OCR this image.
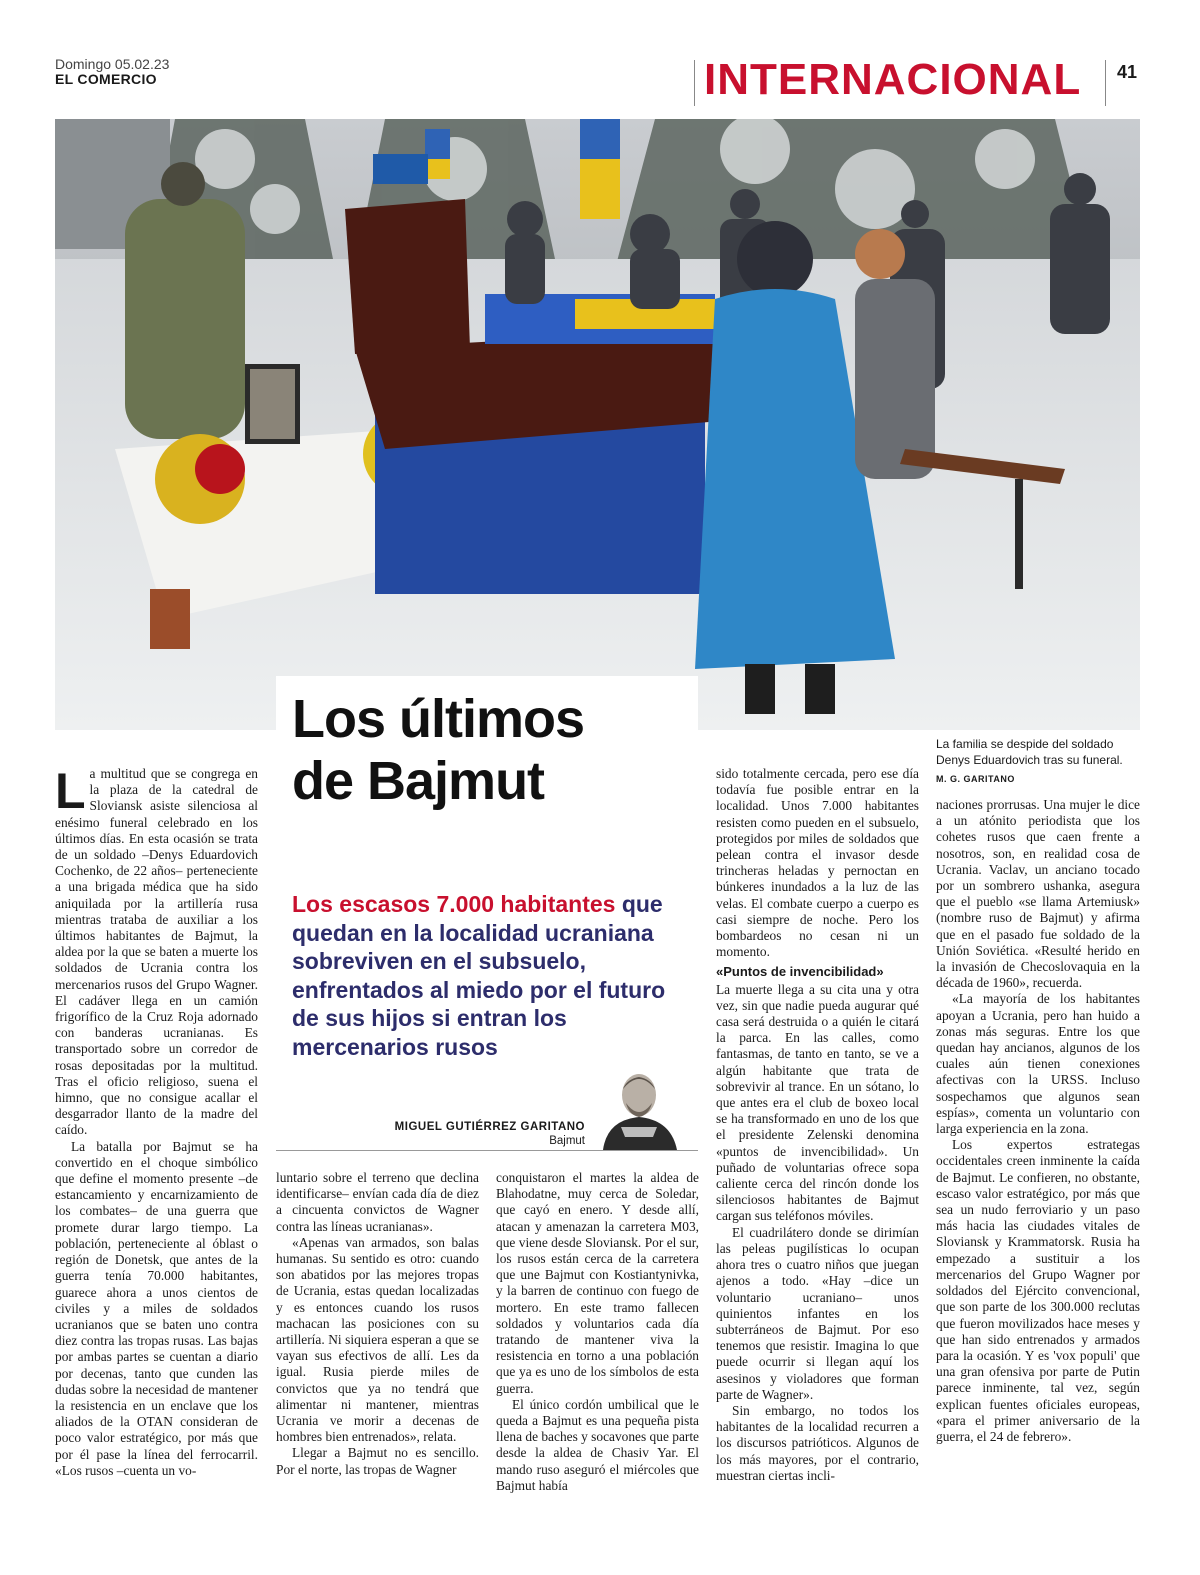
Domingo 05.02.23
EL COMERCIO	INTERNACIONAL 41
Los últimos
de Bajmut
Los escasos 7.000 habitantes que quedan en la localidad ucraniana sobreviven en el subsuelo, enfrentados al miedo por el futuro de sus hijos si entran los mercenarios rusos
MIGUEL GUTIÉRREZ GARITANO
Bajmut
La familia se despide del soldado Denys Eduardovich tras su funeral.
M. G. GARITANO

La multitud que se congrega en la plaza de la catedral de Sloviansk asiste silenciosa al enésimo funeral celebrado en los últimos días. En esta ocasión se trata de un soldado –Denys Eduardovich Cochenko, de 22 años– perteneciente a una brigada médica que ha sido aniquilada por la artillería rusa mientras trataba de auxiliar a los últimos habitantes de Bajmut, la aldea por la que se baten a muerte los soldados de Ucrania contra los mercenarios rusos del Grupo Wagner. El cadáver llega en un camión frigorífico de la Cruz Roja adornado con banderas ucranianas. Es transportado sobre un corredor de rosas depositadas por la multitud. Tras el oficio religioso, suena el himno, que no consigue acallar el desgarrador llanto de la madre del caído.

La batalla por Bajmut se ha convertido en el choque simbólico que define el momento presente –de estancamiento y encarnizamiento de los combates– de una guerra que promete durar largo tiempo. La población, perteneciente al óblast o región de Donetsk, que antes de la guerra tenía 70.000 habitantes, guarece ahora a unos cientos de civiles y a miles de soldados ucranianos que se baten uno contra diez contra las tropas rusas. Las bajas por ambas partes se cuentan a diario por decenas, tanto que cunden las dudas sobre la necesidad de mantener la resistencia en un enclave que los aliados de la OTAN consideran de poco valor estratégico, por más que por él pase la línea del ferrocarril. «Los rusos –cuenta un vo-

luntario sobre el terreno que declina identificarse– envían cada día de diez a cincuenta convictos de Wagner contra las líneas ucranianas».

«Apenas van armados, son balas humanas. Su sentido es otro: cuando son abatidos por las mejores tropas de Ucrania, estas quedan localizadas y es entonces cuando los rusos machacan las posiciones con su artillería. Ni siquiera esperan a que se vayan sus efectivos de allí. Les da igual. Rusia pierde miles de convictos que ya no tendrá que alimentar ni mantener, mientras Ucrania ve morir a decenas de hombres bien entrenados», relata.

Llegar a Bajmut no es sencillo. Por el norte, las tropas de Wagner

conquistaron el martes la aldea de Blahodatne, muy cerca de Soledar, que cayó en enero. Y desde allí, atacan y amenazan la carretera M03, que viene desde Sloviansk. Por el sur, los rusos están cerca de la carretera que une Bajmut con Kostiantynivka, y la barren de continuo con fuego de mortero. En este tramo fallecen soldados y voluntarios cada día tratando de mantener viva la resistencia en torno a una población que ya es uno de los símbolos de esta guerra.

El único cordón umbilical que le queda a Bajmut es una pequeña pista llena de baches y socavones que parte desde la aldea de Chasiv Yar. El mando ruso aseguró el miércoles que Bajmut había

sido totalmente cercada, pero ese día todavía fue posible entrar en la localidad. Unos 7.000 habitantes resisten como pueden en el subsuelo, protegidos por miles de soldados que pelean contra el invasor desde trincheras heladas y pernoctan en búnkeres inundados a la luz de las velas. El combate cuerpo a cuerpo es casi siempre de noche. Pero los bombardeos no cesan ni un momento.

«Puntos de invencibilidad»

La muerte llega a su cita una y otra vez, sin que nadie pueda augurar qué casa será destruida o a quién le citará la parca. En las calles, como fantasmas, de tanto en tanto, se ve a algún habitante que trata de sobrevivir al trance. En un sótano, lo que antes era el club de boxeo local se ha transformado en uno de los que el presidente Zelenski denomina «puntos de invencibilidad». Un puñado de voluntarias ofrece sopa caliente cerca del rincón donde los silenciosos habitantes de Bajmut cargan sus teléfonos móviles.

El cuadrilátero donde se dirimían las peleas pugilísticas lo ocupan ahora tres o cuatro niños que juegan ajenos a todo. «Hay –dice un voluntario ucraniano– unos quinientos infantes en los subterráneos de Bajmut. Por eso tenemos que resistir. Imagina lo que puede ocurrir si llegan aquí los asesinos y violadores que forman parte de Wagner».

Sin embargo, no todos los habitantes de la localidad recurren a los discursos patrióticos. Algunos de los más mayores, por el contrario, muestran ciertas incli-

naciones prorrusas. Una mujer le dice a un atónito periodista que los cohetes rusos que caen frente a nosotros, son, en realidad cosa de Ucrania. Vaclav, un anciano tocado por un sombrero ushanka, asegura que el pueblo «se llama Artemiusk» (nombre ruso de Bajmut) y afirma que en el pasado fue soldado de la Unión Soviética. «Resulté herido en la invasión de Checoslovaquia en la década de 1960», recuerda.

«La mayoría de los habitantes apoyan a Ucrania, pero han huido a zonas más seguras. Entre los que quedan hay ancianos, algunos de los cuales aún tienen conexiones afectivas con la URSS. Incluso sospechamos que algunos sean espías», comenta un voluntario con larga experiencia en la zona.

Los expertos estrategas occidentales creen inminente la caída de Bajmut. Le confieren, no obstante, escaso valor estratégico, por más que sea un nudo ferroviario y un paso más hacia las ciudades vitales de Sloviansk y Krammatorsk. Rusia ha empezado a sustituir a los mercenarios del Grupo Wagner por soldados del Ejército convencional, que son parte de los 300.000 reclutas que fueron movilizados hace meses y que han sido entrenados y armados para la ocasión. Y es 'vox populi' que una gran ofensiva por parte de Putin parece inminente, tal vez, según explican fuentes oficiales europeas, «para el primer aniversario de la guerra, el 24 de febrero».
